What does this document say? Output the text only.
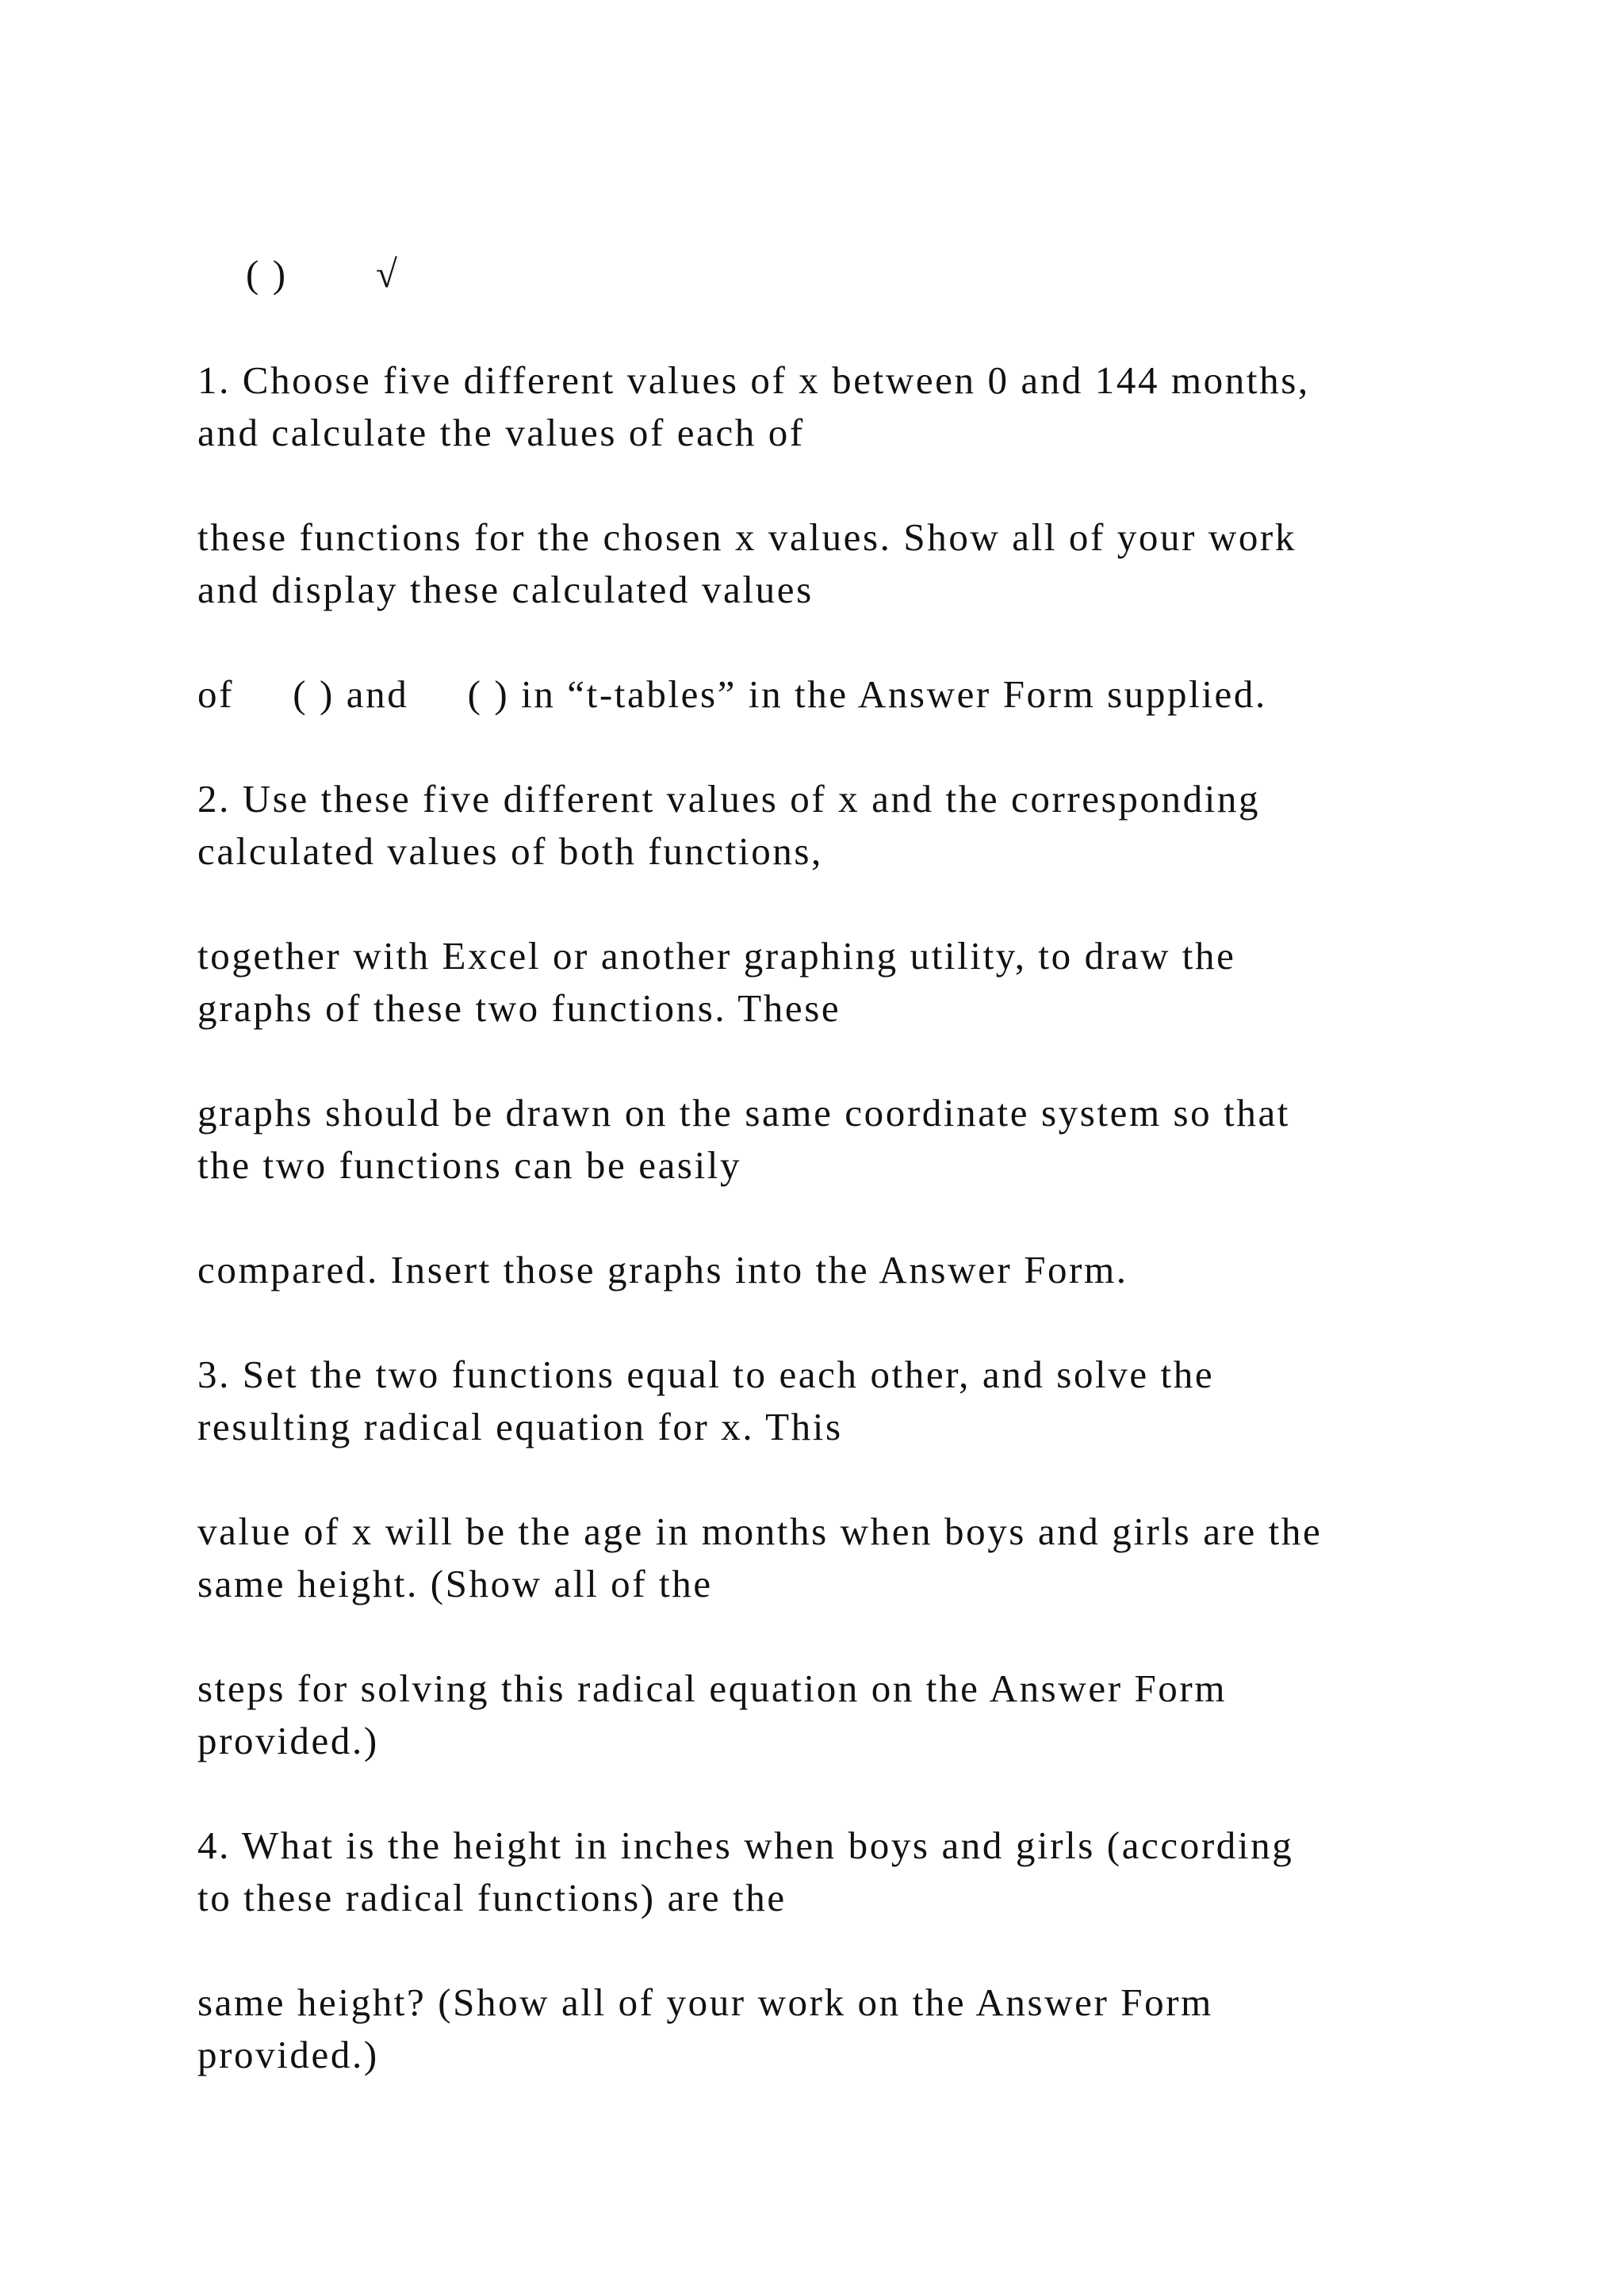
( ) √

1. Choose five different values of x between 0 and 144 months,

and calculate the values of each of

these functions for the chosen x values. Show all of your work

and display these calculated values

of     ( ) and     ( ) in “t-tables” in the Answer Form supplied.

2. Use these five different values of x and the corresponding

calculated values of both functions,

together with Excel or another graphing utility, to draw the

graphs of these two functions. These

graphs should be drawn on the same coordinate system so that

the two functions can be easily

compared. Insert those graphs into the Answer Form.

3. Set the two functions equal to each other, and solve the

resulting radical equation for x. This

value of x will be the age in months when boys and girls are the

same height. (Show all of the

steps for solving this radical equation on the Answer Form

provided.)

4. What is the height in inches when boys and girls (according

to these radical functions) are the

same height? (Show all of your work on the Answer Form

provided.)
